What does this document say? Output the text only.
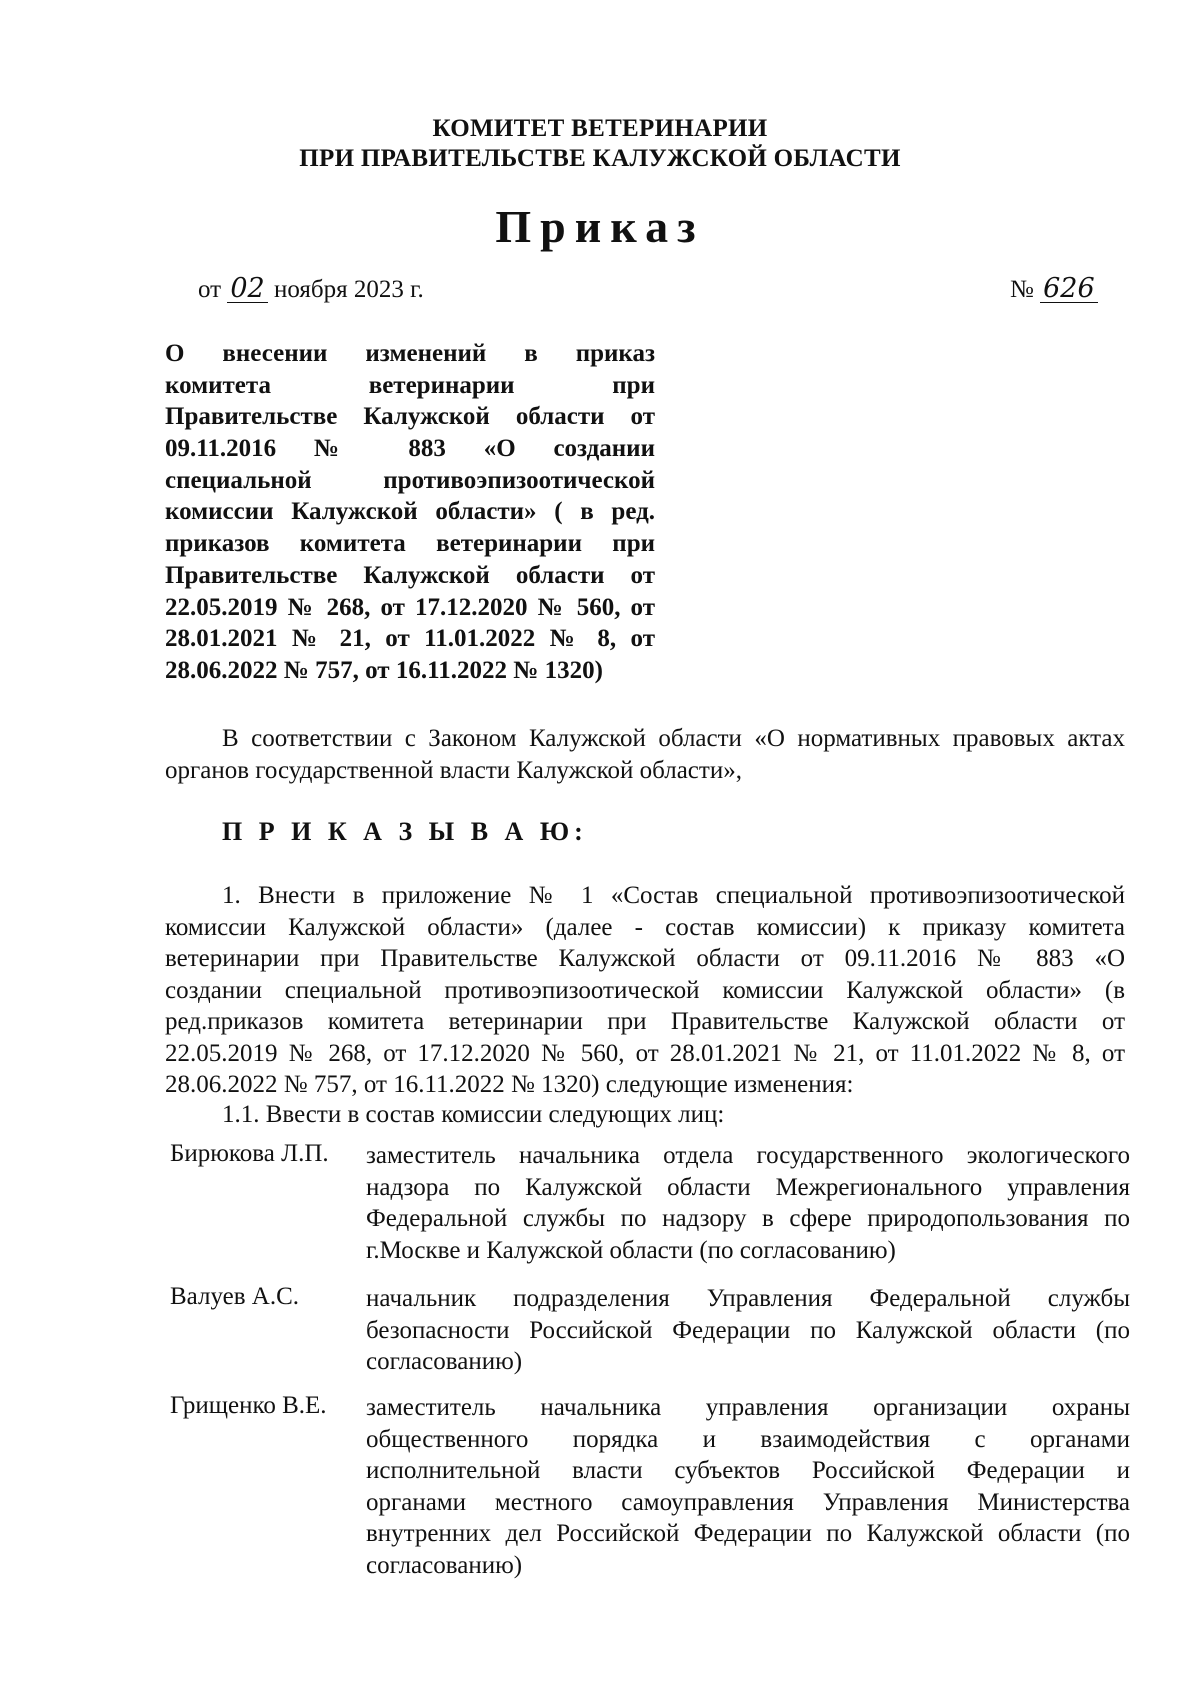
КОМИТЕТ ВЕТЕРИНАРИИ
ПРИ ПРАВИТЕЛЬСТВЕ КАЛУЖСКОЙ ОБЛАСТИ
Приказ
от 02 ноября 2023 г.	№ 626
О внесении изменений в приказ
комитета ветеринарии при
Правительстве Калужской области от
09.11.2016 № 883 «О создании
специальной противоэпизоотической
комиссии Калужской области» ( в ред.
приказов комитета ветеринарии при
Правительстве Калужской области от
22.05.2019 № 268, от 17.12.2020 № 560, от
28.01.2021 № 21, от 11.01.2022 № 8, от
28.06.2022 № 757, от 16.11.2022 № 1320)
В соответствии с Законом Калужской области «О нормативных правовых актах
органов государственной власти Калужской области»,
П Р И К А З Ы В А Ю:
1. Внести в приложение № 1 «Состав специальной противоэпизоотической
комиссии Калужской области» (далее - состав комиссии) к приказу комитета
ветеринарии при Правительстве Калужской области от 09.11.2016 № 883 «О
создании специальной противоэпизоотической комиссии Калужской области» (в
ред.приказов комитета ветеринарии при Правительстве Калужской области от
22.05.2019 № 268, от 17.12.2020 № 560, от 28.01.2021 № 21, от 11.01.2022 № 8, от
28.06.2022 № 757, от 16.11.2022 № 1320) следующие изменения:
1.1. Ввести в состав комиссии следующих лиц:
Бирюкова Л.П.	заместитель начальника отдела государственного экологического
надзора по Калужской области Межрегионального управления
Федеральной службы по надзору в сфере природопользования по
г.Москве и Калужской области (по согласованию)
Валуев А.С.	начальник подразделения Управления Федеральной службы
безопасности Российской Федерации по Калужской области (по
согласованию)
Грищенко В.Е.	заместитель начальника управления организации охраны
общественного порядка и взаимодействия с органами
исполнительной власти субъектов Российской Федерации и
органами местного самоуправления Управления Министерства
внутренних дел Российской Федерации по Калужской области (по
согласованию)
